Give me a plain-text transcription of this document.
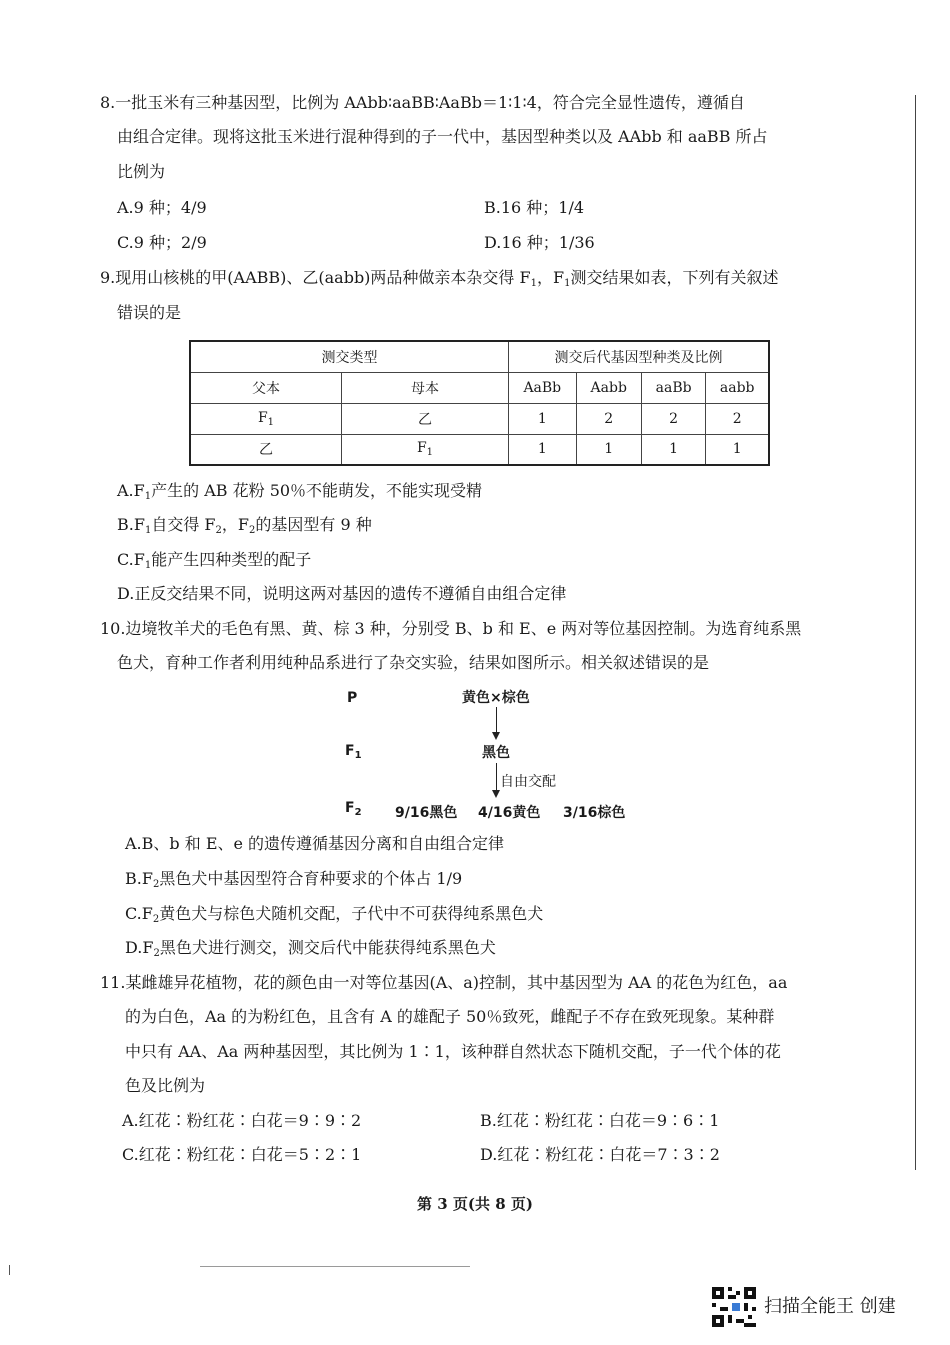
8.一批玉米有三种基因型，比例为 AAbb∶aaBB∶AaBb＝1∶1∶4，符合完全显性遗传，遵循自
由组合定律。现将这批玉米进行混种得到的子一代中，基因型种类以及 AAbb 和 aaBB 所占
比例为
A.9 种；4/9	B.16 种；1/4
C.9 种；2/9	D.16 种；1/36
9.现用山核桃的甲(AABB)、乙(aabb)两品种做亲本杂交得 $F_1$，$F_1$测交结果如表，下列有关叙述
错误的是
测交类型		测交后代基因型种类及比例			
父本	母本	AaBb	Aabb	aaBb	aabb
$F_1$	乙	1	2	2	2
乙	$F_1$	1	1	1	1
$A.F_1$产生的 AB 花粉 50％不能萌发，不能实现受精
$B.F_1$自交得 $F_2$，$F_2$的基因型有 9 种
$C.F_1$能产生四种类型的配子
D.正反交结果不同，说明这两对基因的遗传不遵循自由组合定律
10.边境牧羊犬的毛色有黑、黄、棕 3 种，分别受 B、b 和 E、e 两对等位基因控制。为选育纯系黑
色犬，育种工作者利用纯种品系进行了杂交实验，结果如图所示。相关叙述错误的是
P	黄色×棕色
$F_1$	黑色
自由交配
$F_2$ 9/16黑色 4/16黄色 3/16棕色
A.B、b 和 E、e 的遗传遵循基因分离和自由组合定律
$B.F_2$黑色犬中基因型符合育种要求的个体占 1/9
$C.F_2$黄色犬与棕色犬随机交配，子代中不可获得纯系黑色犬
$D.F_2$黑色犬进行测交，测交后代中能获得纯系黑色犬
11.某雌雄异花植物，花的颜色由一对等位基因(A、a)控制，其中基因型为 AA 的花色为红色，aa
的为白色，Aa 的为粉红色，且含有 A 的雄配子 50％致死，雌配子不存在致死现象。某种群
中只有 AA、Aa 两种基因型，其比例为 1∶1，该种群自然状态下随机交配，子一代个体的花
色及比例为
A.红花∶粉红花∶白花＝9∶9∶2	B.红花∶粉红花∶白花＝9∶6∶1
C.红花∶粉红花∶白花＝5∶2∶1	D.红花∶粉红花∶白花＝7∶3∶2
第 3 页(共 8 页)
扫描全能王 创建
